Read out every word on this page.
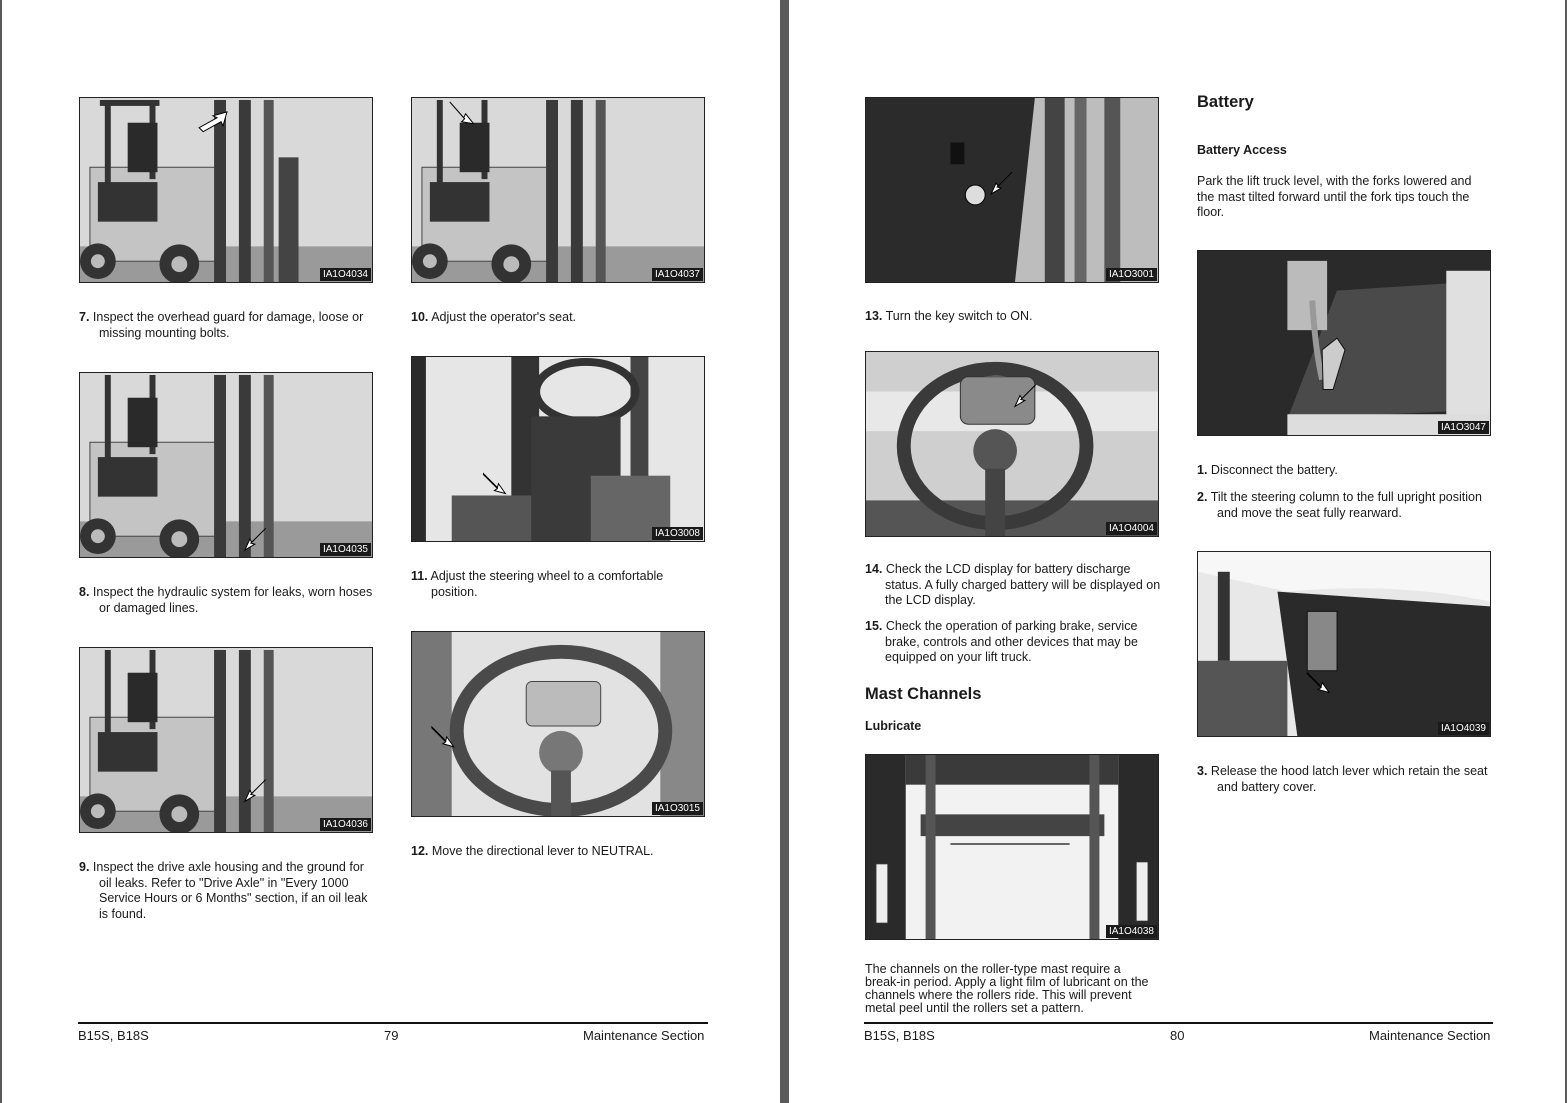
IA1O4034	IA1O4037
7. Inspect the overhead guard for damage, loose or missing mounting bolts.
10. Adjust the operator's seat.
IA1O4035
IA1O3008
8. Inspect the hydraulic system for leaks, worn hoses or damaged lines.
11. Adjust the steering wheel to a comfortable position.
IA1O4036
IA1O3015
9. Inspect the drive axle housing and the ground for oil leaks. Refer to "Drive Axle" in "Every 1000 Service Hours or 6 Months" section, if an oil leak is found.
12. Move the directional lever to NEUTRAL.
B15S, B18S	79	Maintenance Section
IA1O3001
13. Turn the key switch to ON.
IA1O4004
14. Check the LCD display for battery discharge status. A fully charged battery will be displayed on the LCD display.
15. Check the operation of parking brake, service brake, controls and other devices that may be equipped on your lift truck.
Mast Channels
Lubricate
IA1O4038
The channels on the roller-type mast require a break-in period. Apply a light film of lubricant on the channels where the rollers ride. This will prevent metal peel until the rollers set a pattern.
Battery
Battery Access
Park the lift truck level, with the forks lowered and the mast tilted forward until the fork tips touch the floor.
IA1O3047
1. Disconnect the battery.
2. Tilt the steering column to the full upright position and move the seat fully rearward.
IA1O4039
3. Release the hood latch lever which retain the seat and battery cover.
B15S, B18S	80	Maintenance Section
